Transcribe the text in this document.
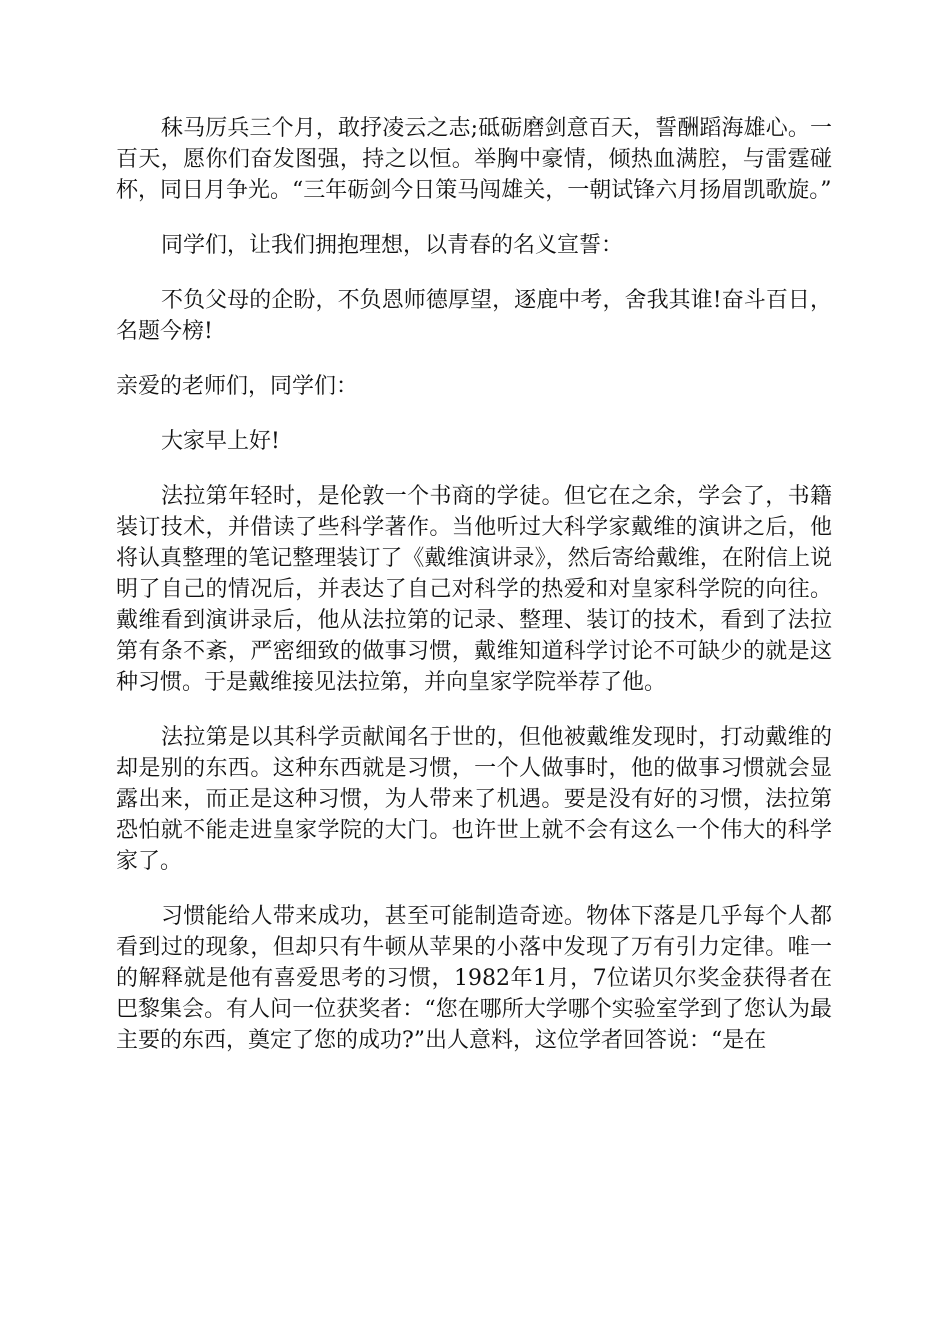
秣马厉兵三个月，敢抒凌云之志;砥砺磨剑意百天，誓酬蹈海雄心。一百天，愿你们奋发图强，持之以恒。举胸中豪情，倾热血满腔，与雷霆碰杯，同日月争光。“三年砺剑今日策马闯雄关，一朝试锋六月扬眉凯歌旋。”

同学们，让我们拥抱理想，以青春的名义宣誓：

不负父母的企盼，不负恩师德厚望，逐鹿中考，舍我其谁!奋斗百日，名题今榜!

亲爱的老师们，同学们：

大家早上好!

法拉第年轻时，是伦敦一个书商的学徒。但它在之余，学会了，书籍装订技术，并借读了些科学著作。当他听过大科学家戴维的演讲之后，他将认真整理的笔记整理装订了《戴维演讲录》，然后寄给戴维，在附信上说明了自己的情况后，并表达了自己对科学的热爱和对皇家科学院的向往。戴维看到演讲录后，他从法拉第的记录、整理、装订的技术，看到了法拉第有条不紊，严密细致的做事习惯，戴维知道科学讨论不可缺少的就是这种习惯。于是戴维接见法拉第，并向皇家学院举荐了他。

法拉第是以其科学贡献闻名于世的，但他被戴维发现时，打动戴维的却是别的东西。这种东西就是习惯，一个人做事时，他的做事习惯就会显露出来，而正是这种习惯，为人带来了机遇。要是没有好的习惯，法拉第恐怕就不能走进皇家学院的大门。也许世上就不会有这么一个伟大的科学家了。

习惯能给人带来成功，甚至可能制造奇迹。物体下落是几乎每个人都看到过的现象，但却只有牛顿从苹果的小落中发现了万有引力定律。唯一的解释就是他有喜爱思考的习惯，1982年1月，7位诺贝尔奖金获得者在巴黎集会。有人问一位获奖者：“您在哪所大学哪个实验室学到了您认为最主要的东西，奠定了您的成功?”出人意料，这位学者回答说：“是在
